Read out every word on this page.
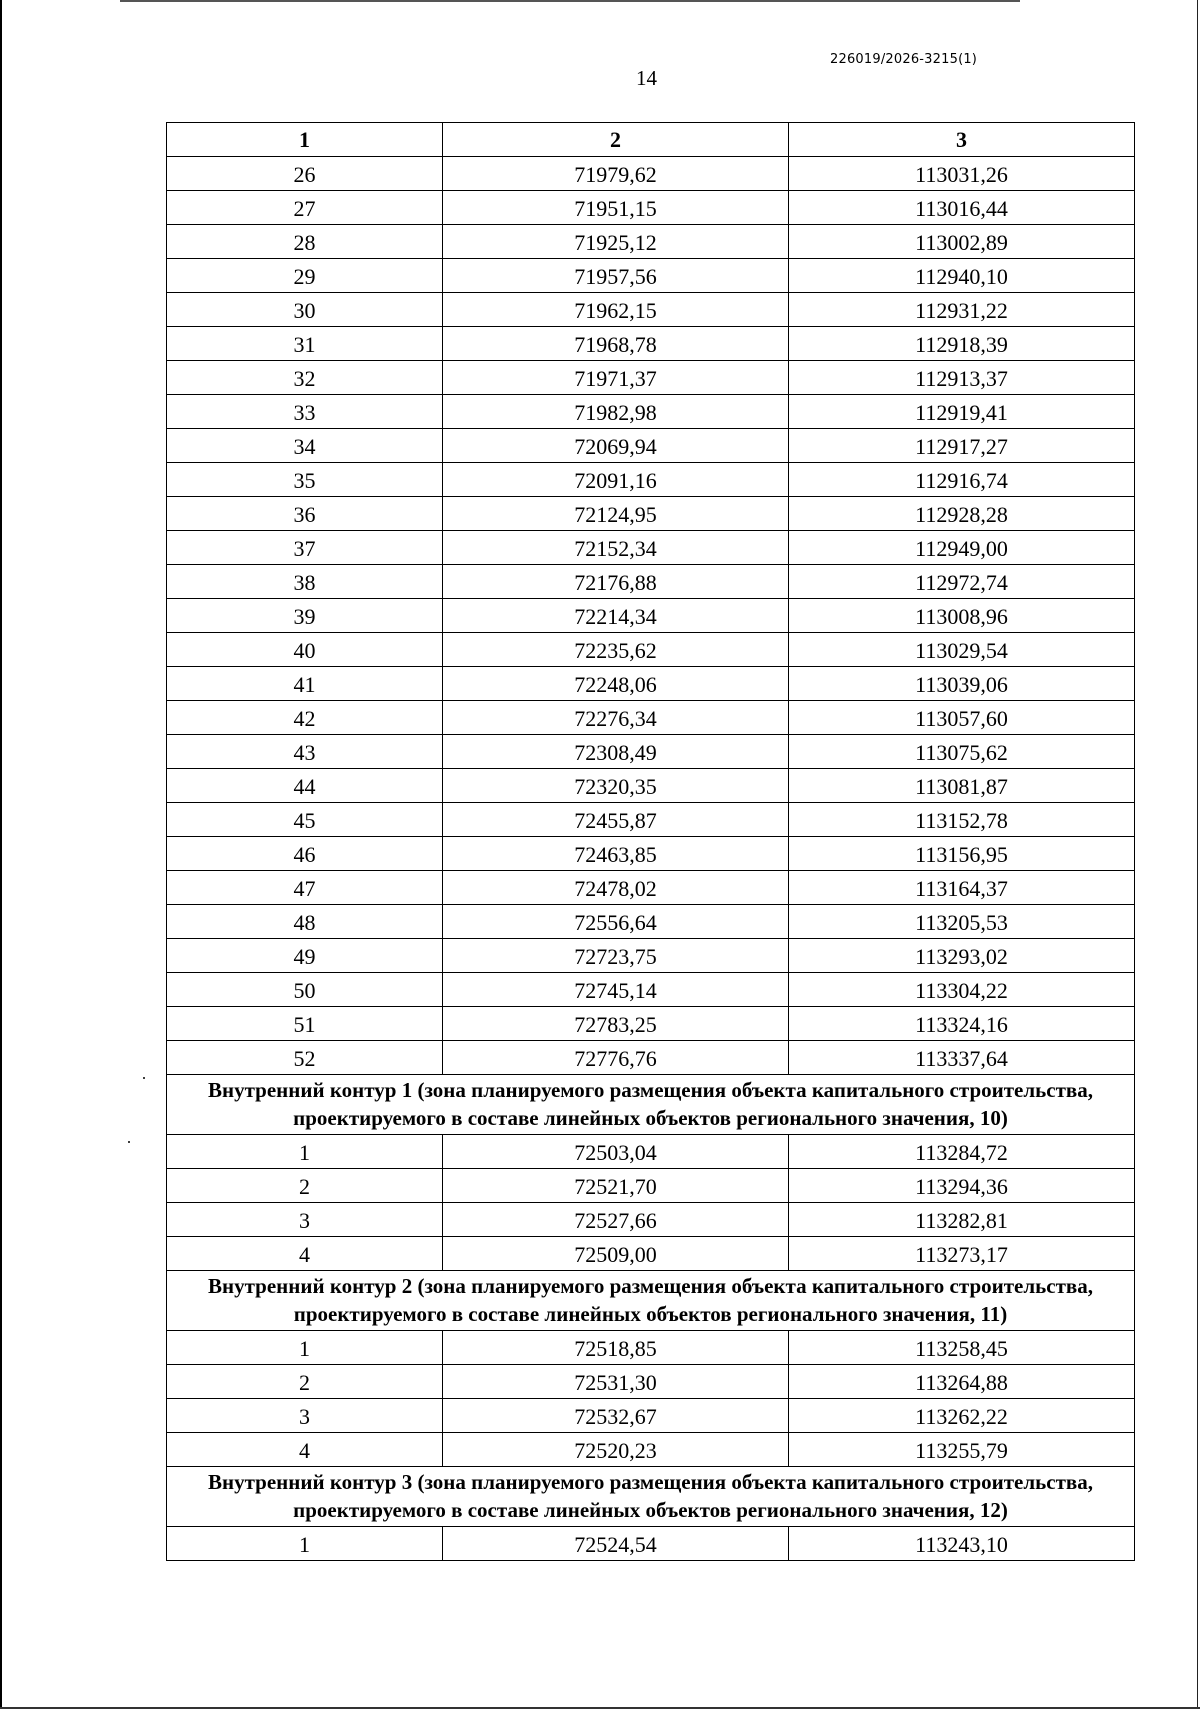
226019/2026-3215(1)
14
1	2	3
26	71979,62	113031,26
27	71951,15	113016,44
28	71925,12	113002,89
29	71957,56	112940,10
30	71962,15	112931,22
31	71968,78	112918,39
32	71971,37	112913,37
33	71982,98	112919,41
34	72069,94	112917,27
35	72091,16	112916,74
36	72124,95	112928,28
37	72152,34	112949,00
38	72176,88	112972,74
39	72214,34	113008,96
40	72235,62	113029,54
41	72248,06	113039,06
42	72276,34	113057,60
43	72308,49	113075,62
44	72320,35	113081,87
45	72455,87	113152,78
46	72463,85	113156,95
47	72478,02	113164,37
48	72556,64	113205,53
49	72723,75	113293,02
50	72745,14	113304,22
51	72783,25	113324,16
52	72776,76	113337,64
Внутренний контур 1 (зона планируемого размещения объекта капитального строительства, проектируемого в составе линейных объектов регионального значения, 10)		
1	72503,04	113284,72
2	72521,70	113294,36
3	72527,66	113282,81
4	72509,00	113273,17
Внутренний контур 2 (зона планируемого размещения объекта капитального строительства, проектируемого в составе линейных объектов регионального значения, 11)		
1	72518,85	113258,45
2	72531,30	113264,88
3	72532,67	113262,22
4	72520,23	113255,79
Внутренний контур 3 (зона планируемого размещения объекта капитального строительства, проектируемого в составе линейных объектов регионального значения, 12)		
1	72524,54	113243,10
